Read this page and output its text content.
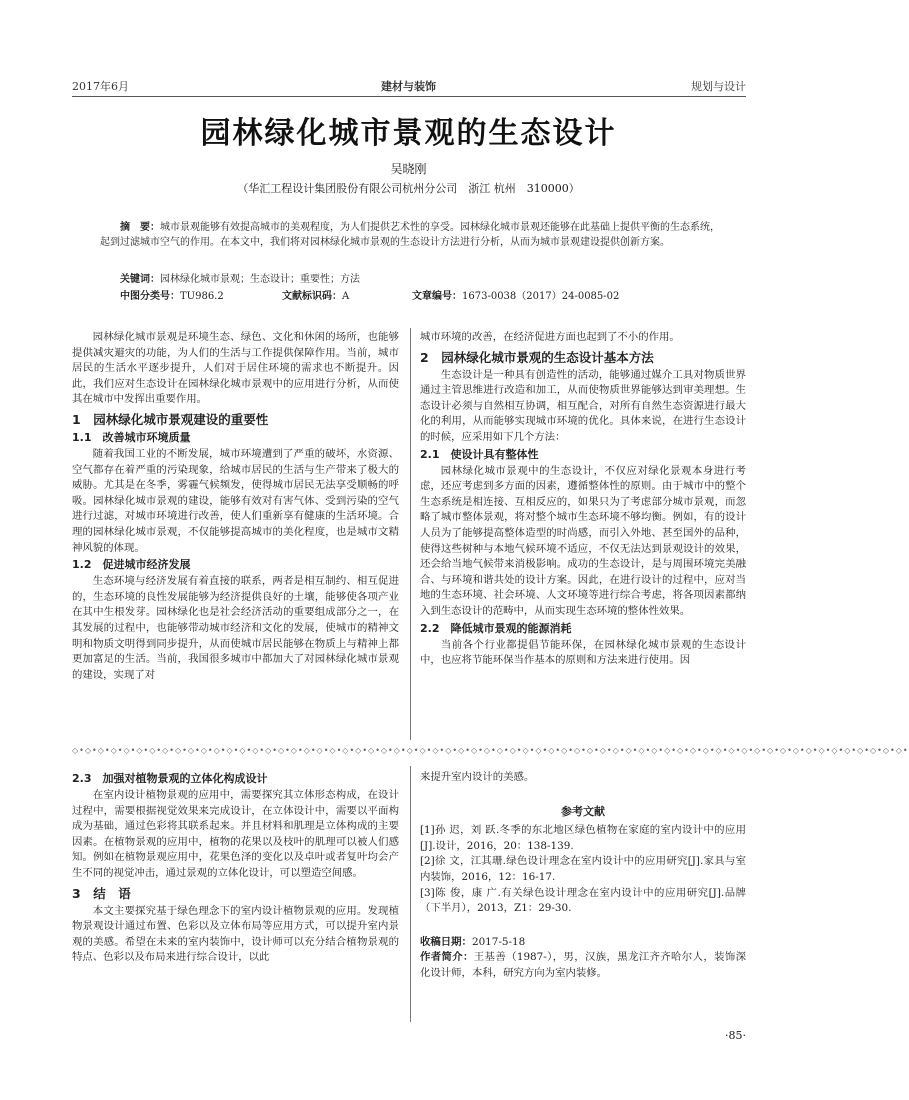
2017年6月	建材与装饰	规划与设计
园林绿化城市景观的生态设计
吴晓刚
（华汇工程设计集团股份有限公司杭州分公司　浙江 杭州　310000）
摘　要：城市景观能够有效提高城市的美观程度，为人们提供艺术性的享受。园林绿化城市景观还能够在此基础上提供平衡的生态系统，起到过滤城市空气的作用。在本文中，我们将对园林绿化城市景观的生态设计方法进行分析，从而为城市景观建设提供创新方案。
关键词：园林绿化城市景观；生态设计；重要性；方法
中图分类号：TU986.2	文献标识码：A	文章编号：1673-0038（2017）24-0085-02

园林绿化城市景观是环境生态、绿色、文化和休闲的场所，也能够提供减灾避灾的功能，为人们的生活与工作提供保障作用。当前，城市居民的生活水平逐步提升，人们对于居住环境的需求也不断提升。因此，我们应对生态设计在园林绿化城市景观中的应用进行分析，从而使其在城市中发挥出重要作用。

1　园林绿化城市景观建设的重要性
1.1　改善城市环境质量

随着我国工业的不断发展，城市环境遭到了严重的破坏，水资源、空气都存在着严重的污染现象，给城市居民的生活与生产带来了极大的威胁。尤其是在冬季，雾霾气候频发，使得城市居民无法享受顺畅的呼吸。园林绿化城市景观的建设，能够有效对有害气体、受到污染的空气进行过滤，对城市环境进行改善，使人们重新享有健康的生活环境。合理的园林绿化城市景观，不仅能够提高城市的美化程度，也是城市文精神风貌的体现。

1.2　促进城市经济发展

生态环境与经济发展有着直接的联系，两者是相互制约、相互促进的，生态环境的良性发展能够为经济提供良好的土壤，能够使各项产业在其中生根发芽。园林绿化也是社会经济活动的重要组成部分之一，在其发展的过程中，也能够带动城市经济和文化的发展，使城市的精神文明和物质文明得到同步提升，从而使城市居民能够在物质上与精神上都更加富足的生活。当前，我国很多城市中都加大了对园林绿化城市景观的建设，实现了对

城市环境的改善，在经济促进方面也起到了不小的作用。

2　园林绿化城市景观的生态设计基本方法

生态设计是一种具有创造性的活动，能够通过媒介工具对物质世界通过主管思维进行改造和加工，从而使物质世界能够达到审美理想。生态设计必须与自然相互协调，相互配合，对所有自然生态资源进行最大化的利用，从而能够实现城市环境的优化。具体来说，在进行生态设计的时候，应采用如下几个方法：

2.1　使设计具有整体性

园林绿化城市景观中的生态设计，不仅应对绿化景观本身进行考虑，还应考虑到多方面的因素，遵循整体性的原则。由于城市中的整个生态系统是相连接、互相反应的，如果只为了考虑部分城市景观，而忽略了城市整体景观，将对整个城市生态环境不够均衡。例如，有的设计人员为了能够提高整体造型的时尚感，而引入外地、甚至国外的品种，使得这些树种与本地气候环境不适应，不仅无法达到景观设计的效果，还会给当地气候带来消极影响。成功的生态设计，是与周围环境完美融合、与环境和谐共处的设计方案。因此，在进行设计的过程中，应对当地的生态环境、社会环境、人文环境等进行综合考虑，将各项因素都纳入到生态设计的范畴中，从而实现生态环境的整体性效果。

2.2　降低城市景观的能源消耗

当前各个行业都提倡节能环保，在园林绿化城市景观的生态设计中，也应将节能环保当作基本的原则和方法来进行使用。因

◇•◇•◇•◇•◇•◇•◇•◇•◇•◇•◇•◇•◇•◇•◇•◇•◇•◇•◇•◇•◇•◇•◇•◇•◇•◇•◇•◇•◇•◇•◇•◇•◇•◇•◇•◇•◇•◇•◇•◇•◇•◇•◇•◇•◇•◇•◇•◇•◇•◇•◇•◇•◇•◇•◇•◇•◇•◇•◇•◇•◇•◇•◇•◇•◇•
2.3　加强对植物景观的立体化构成设计

在室内设计植物景观的应用中，需要探究其立体形态构成，在设计过程中，需要根据视觉效果来完成设计，在立体设计中，需要以平面构成为基础，通过色彩将其联系起来。并且材料和肌理是立体构成的主要因素。在植物景观的应用中，植物的花果以及枝叶的肌理可以被人们感知。例如在植物景观应用中，花果色泽的变化以及卓叶或者复叶均会产生不同的视觉冲击，通过景观的立体化设计，可以塑造空间感。

3　结　语

本文主要探究基于绿色理念下的室内设计植物景观的应用。发现植物景观设计通过布置、色彩以及立体布局等应用方式，可以提升室内景观的美感。希望在未来的室内装饰中，设计师可以充分结合植物景观的特点、色彩以及布局来进行综合设计，以此

来提升室内设计的美感。

参考文献

[1]孙 迟，刘 跃.冬季的东北地区绿色植物在家庭的室内设计中的应用[J].设计，2016，20：138-139.

[2]徐 文，江其珊.绿色设计理念在室内设计中的应用研究[J].家具与室内装饰，2016，12：16-17.

[3]陈 俊，康 广.有关绿色设计理念在室内设计中的应用研究[J].品牌（下半月），2013，Z1：29-30.

收稿日期：2017-5-18

作者简介：王基善（1987-），男，汉族，黑龙江齐齐哈尔人，装饰深化设计师，本科，研究方向为室内装修。

·85·
